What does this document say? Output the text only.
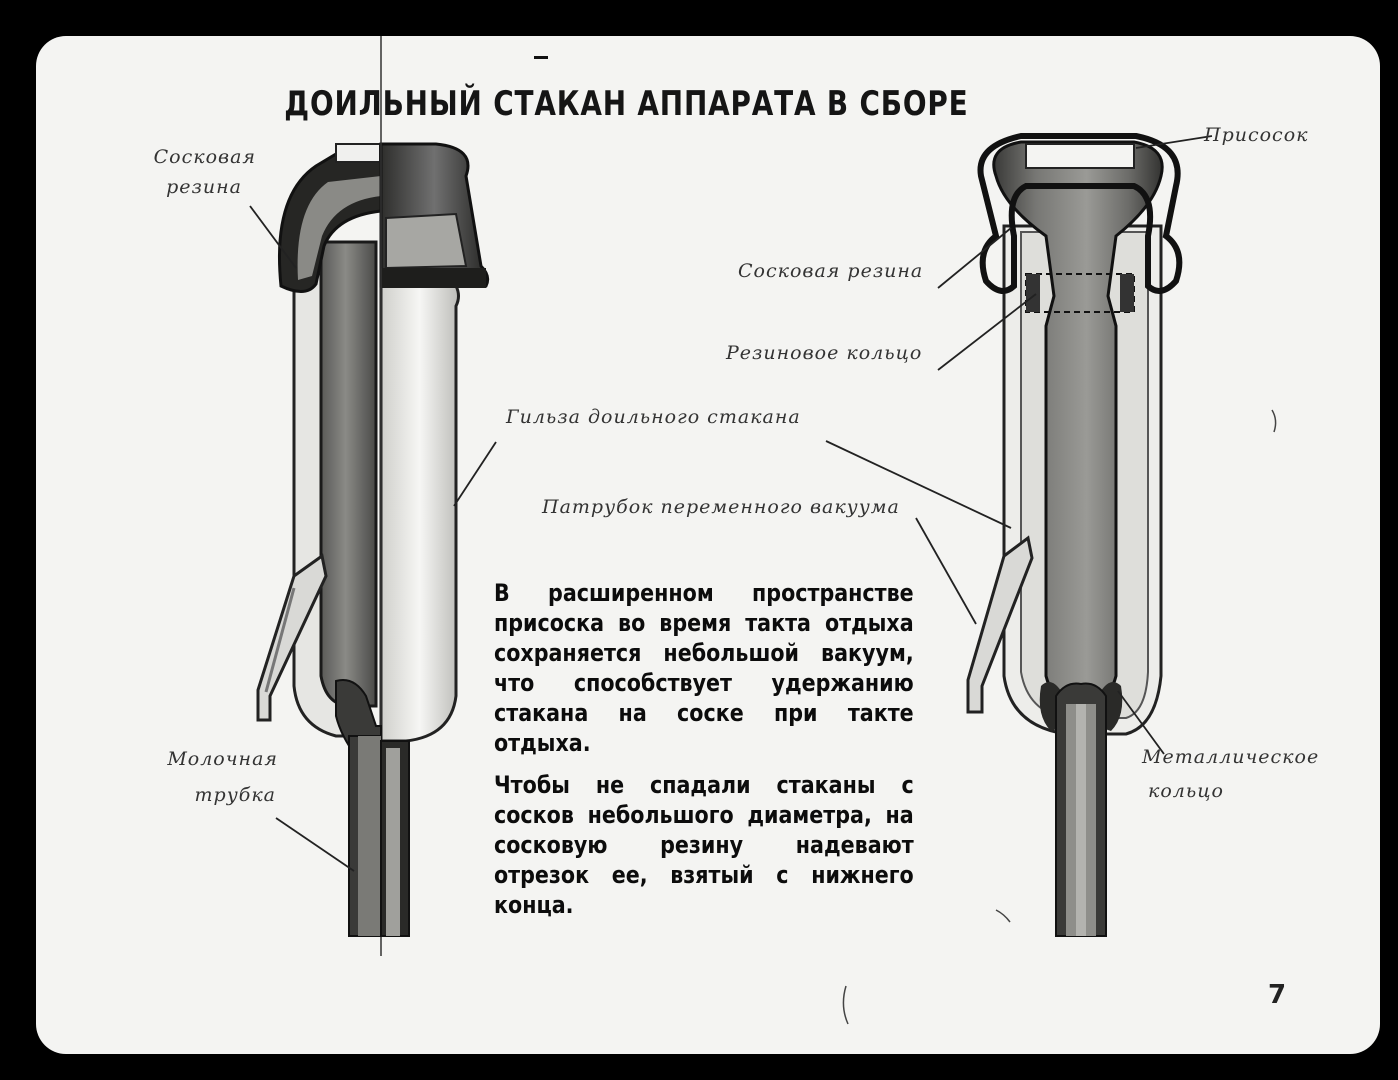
ДОИЛЬНЫЙ СТАКАН АППАРАТА В СБОРЕ
Сосковая
резина
Молочная
трубка
Гильза доильного стакана
Патрубок переменного вакуума
Присосок
Сосковая резина
Резиновое кольцо
Металлическое
кольцо
В расширенном пространстве присоска во время такта отдыха сохраняется небольшой вакуум, что способствует удержанию стакана на соске при такте отдыха.
Чтобы не спадали стаканы с сосков небольшого диаметра, на сосковую резину надевают отрезок ее, взятый с нижнего конца.
7
